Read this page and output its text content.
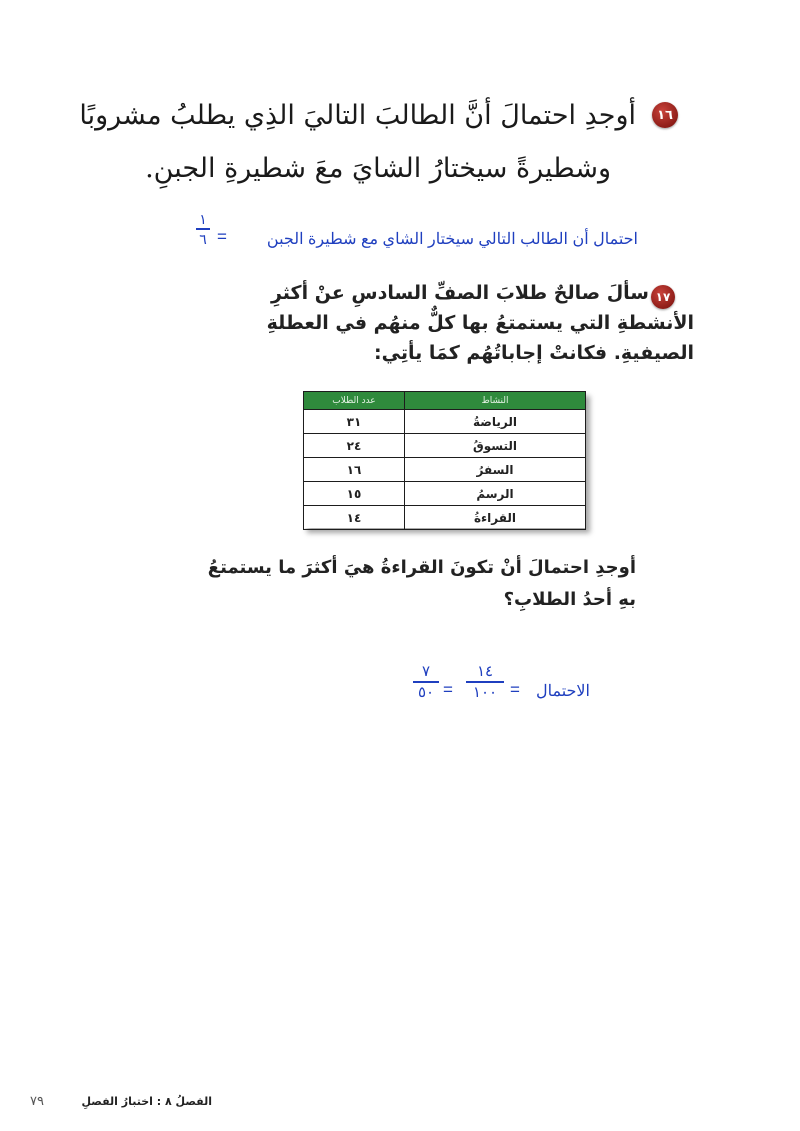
١٦
أوجدِ احتمالَ أنَّ الطالبَ التاليَ الذِي يطلبُ مشروبًا
وشطيرةً سيختارُ الشايَ معَ شطيرةِ الجبنِ.
احتمال أن الطالب التالي سيختار الشاي مع شطيرة الجبن
=
١
٦
١٧
سألَ صالحٌ طلابَ الصفِّ السادسِ عنْ أكثرِ
الأنشطةِ التي يستمتعُ بها كلٌّ منهُم في العطلةِ
الصيفيةِ. فكانتْ إجاباتُهُم كمَا يأتِي:
النشاط	عدد الطلاب
الرياضةُ	٣١
التسوقُ	٢٤
السفرُ	١٦
الرسمُ	١٥
القراءةُ	١٤
أوجدِ احتمالَ أنْ تكونَ القراءةُ هيَ أكثرَ ما يستمتعُ
بهِ أحدُ الطلابِ؟
الاحتمال
=
١٤
١٠٠
=
٧
٥٠
الفصلُ ٨ : اختبارُ الفصلِ
٧٩
